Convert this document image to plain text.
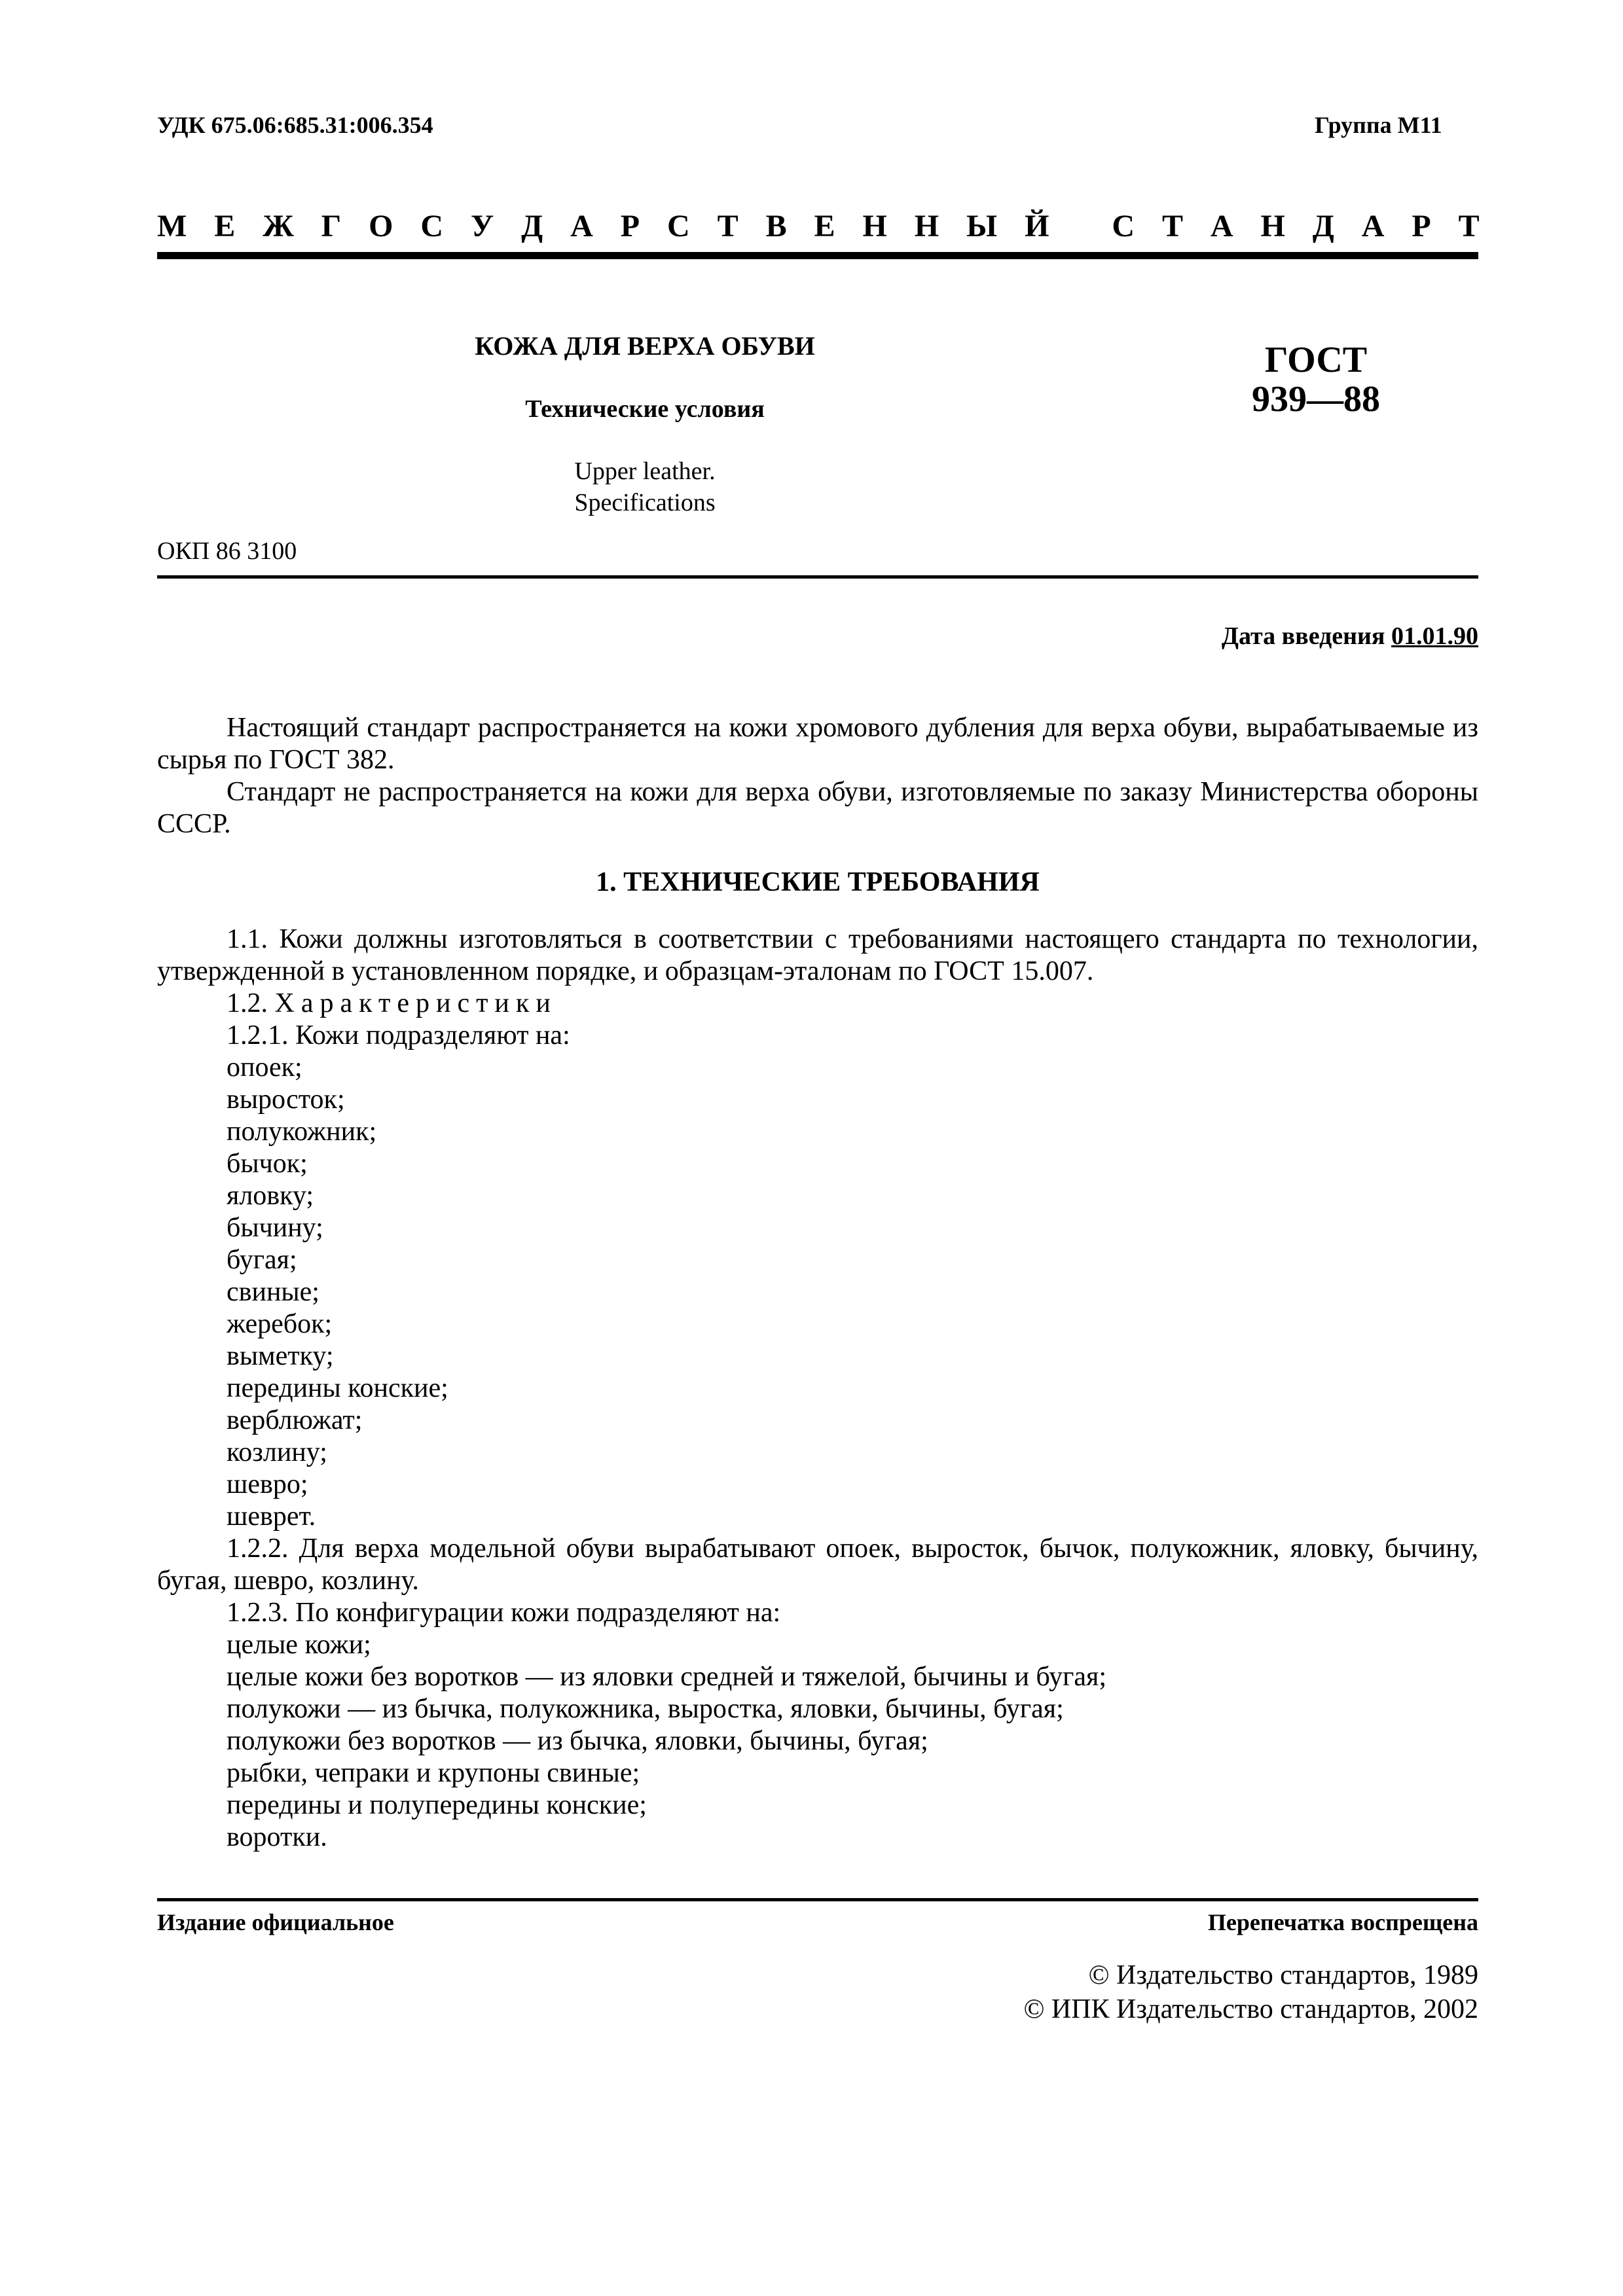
УДК 675.06:685.31:006.354	Группа М11
М Е Ж Г О С У Д А Р С Т В Е Н Н Ы Й
С Т А Н Д А Р Т
КОЖА ДЛЯ ВЕРХА ОБУВИ
Технические условия
Upper leather.
Specifications
ГОСТ
939—88
ОКП 86 3100
Дата введения 01.01.90

Настоящий стандарт распространяется на кожи хромового дубления для верха обуви, вырабатываемые из сырья по ГОСТ 382.

Стандарт не распространяется на кожи для верха обуви, изготовляемые по заказу Министерства обороны СССР.

1. ТЕХНИЧЕСКИЕ ТРЕБОВАНИЯ

1.1. Кожи должны изготовляться в соответствии с требованиями настоящего стандарта по технологии, утвержденной в установленном порядке, и образцам-эталонам по ГОСТ 15.007.

1.2. Характеристики

1.2.1. Кожи подразделяют на:

опоек;

выросток;

полукожник;

бычок;

яловку;

бычину;

бугая;

свиные;

жеребок;

выметку;

передины конские;

верблюжат;

козлину;

шевро;

шеврет.

1.2.2. Для верха модельной обуви вырабатывают опоек, выросток, бычок, полукожник, яловку, бычину, бугая, шевро, козлину.

1.2.3. По конфигурации кожи подразделяют на:

целые кожи;

целые кожи без воротков — из яловки средней и тяжелой, бычины и бугая;

полукожи — из бычка, полукожника, выростка, яловки, бычины, бугая;

полукожи без воротков — из бычка, яловки, бычины, бугая;

рыбки, чепраки и крупоны свиные;

передины и полупередины конские;

воротки.

Издание официальное	Перепечатка воспрещена
© Издательство стандартов, 1989
© ИПК Издательство стандартов, 2002
